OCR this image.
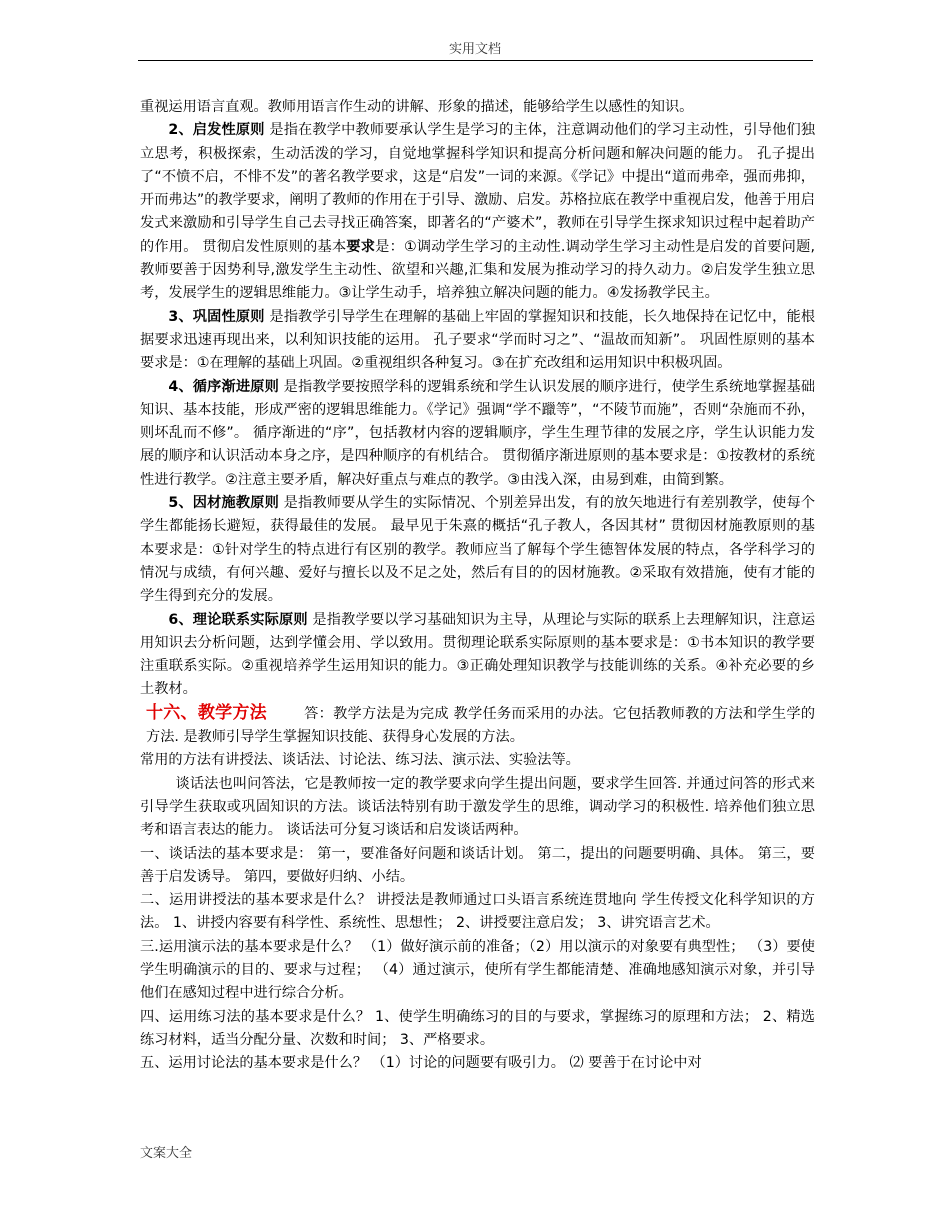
实用文档

重视运用语言直观。教师用语言作生动的讲解、形象的描述，能够给学生以感性的知识。

2、启发性原则 是指在教学中教师要承认学生是学习的主体，注意调动他们的学习主动性，引导他们独立思考，积极探索，生动活泼的学习，自觉地掌握科学知识和提高分析问题和解决问题的能力。 孔子提出了“不愤不启，不悱不发”的著名教学要求，这是“启发”一词的来源。《学记》中提出“道而弗牵，强而弗抑，开而弗达”的教学要求，阐明了教师的作用在于引导、激励、启发。苏格拉底在教学中重视启发，他善于用启发式来激励和引导学生自己去寻找正确答案，即著名的“产婆术”，教师在引导学生探求知识过程中起着助产的作用。 贯彻启发性原则的基本要求是：①调动学生学习的主动性.调动学生学习主动性是启发的首要问题,教师要善于因势利导,激发学生主动性、欲望和兴趣,汇集和发展为推动学习的持久动力。②启发学生独立思考，发展学生的逻辑思维能力。③让学生动手，培养独立解决问题的能力。④发扬教学民主。

3、巩固性原则 是指教学引导学生在理解的基础上牢固的掌握知识和技能，长久地保持在记忆中，能根据要求迅速再现出来，以利知识技能的运用。 孔子要求“学而时习之”、“温故而知新”。 巩固性原则的基本要求是：①在理解的基础上巩固。②重视组织各种复习。③在扩充改组和运用知识中积极巩固。

4、循序渐进原则 是指教学要按照学科的逻辑系统和学生认识发展的顺序进行，使学生系统地掌握基础知识、基本技能，形成严密的逻辑思维能力。《学记》强调“学不躐等”，“不陵节而施”，否则“杂施而不孙，则坏乱而不修”。 循序渐进的“序”，包括教材内容的逻辑顺序，学生生理节律的发展之序，学生认识能力发展的顺序和认识活动本身之序，是四种顺序的有机结合。 贯彻循序渐进原则的基本要求是：①按教材的系统性进行教学。②注意主要矛盾，解决好重点与难点的教学。③由浅入深，由易到难，由简到繁。

5、因材施教原则 是指教师要从学生的实际情况、个别差异出发，有的放矢地进行有差别教学，使每个学生都能扬长避短，获得最佳的发展。 最早见于朱熹的概括“孔子教人，各因其材” 贯彻因材施教原则的基本要求是：①针对学生的特点进行有区别的教学。教师应当了解每个学生德智体发展的特点，各学科学习的情况与成绩，有何兴趣、爱好与擅长以及不足之处，然后有目的的因材施教。②采取有效措施，使有才能的学生得到充分的发展。

6、理论联系实际原则 是指教学要以学习基础知识为主导，从理论与实际的联系上去理解知识，注意运用知识去分析问题，达到学懂会用、学以致用。贯彻理论联系实际原则的基本要求是：①书本知识的教学要注重联系实际。②重视培养学生运用知识的能力。③正确处理知识教学与技能训练的关系。④补充必要的乡土教材。

十六、教学方法	答：教学方法是为完成 教学任务而采用的办法。它包括教师教的方法和学生学的 方法. 是教师引导学生掌握知识技能、获得身心发展的方法。

常用的方法有讲授法、谈话法、讨论法、练习法、演示法、实验法等。

谈话法也叫问答法，它是教师按一定的教学要求向学生提出问题，要求学生回答. 并通过问答的形式来引导学生获取或巩固知识的方法。谈话法特别有助于激发学生的思维，调动学习的积极性. 培养他们独立思考和语言表达的能力。 谈话法可分复习谈话和启发谈话两种。

一、谈话法的基本要求是： 第一，要准备好问题和谈话计划。 第二，提出的问题要明确、具体。 第三，要善于启发诱导。 第四，要做好归纳、小结。

二、运用讲授法的基本要求是什么？ 讲授法是教师通过口头语言系统连贯地向 学生传授文化科学知识的方法。 1、讲授内容要有科学性、系统性、思想性； 2、讲授要注意启发； 3、讲究语言艺术。

三.运用演示法的基本要求是什么？ （1）做好演示前的准备；（2）用以演示的对象要有典型性； （3）要使学生明确演示的目的、要求与过程； （4）通过演示，使所有学生都能清楚、准确地感知演示对象，并引导他们在感知过程中进行综合分析。

四、运用练习法的基本要求是什么？ 1、使学生明确练习的目的与要求，掌握练习的原理和方法； 2、精选练习材料，适当分配分量、次数和时间； 3、严格要求。

五、运用讨论法的基本要求是什么？ （1）讨论的问题要有吸引力。 ⑵ 要善于在讨论中对

文案大全
